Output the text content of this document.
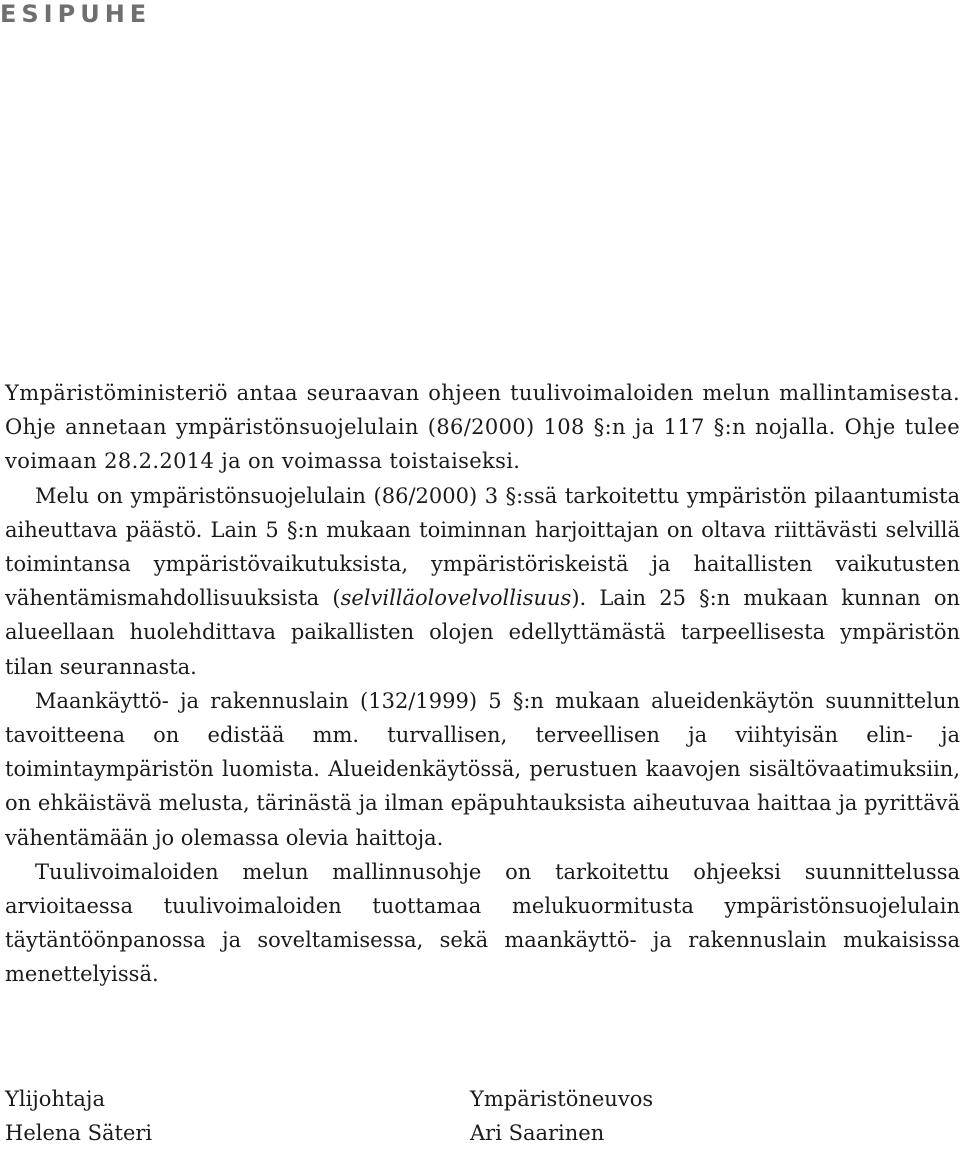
ESIPUHE

Ympäristöministeriö antaa seuraavan ohjeen tuulivoimaloiden melun mallintamisesta. Ohje annetaan ympäristönsuojelulain (86/2000) 108 §:n ja 117 §:n nojalla. Ohje tulee voimaan 28.2.2014 ja on voimassa toistaiseksi.

Melu on ympäristönsuojelulain (86/2000) 3 §:ssä tarkoitettu ympäristön pilaantumista aiheuttava päästö. Lain 5 §:n mukaan toiminnan harjoittajan on oltava riittävästi selvillä toimintansa ympäristövaikutuksista, ympäristöriskeistä ja haitallisten vaikutusten vähentämismahdollisuuksista (selvilläolovelvollisuus). Lain 25 §:n mukaan kunnan on alueellaan huolehdittava paikallisten olojen edellyttämästä tarpeellisesta ympäristön tilan seurannasta.

Maankäyttö- ja rakennuslain (132/1999) 5 §:n mukaan alueidenkäytön suunnittelun tavoitteena on edistää mm. turvallisen, terveellisen ja viihtyisän elin- ja toimintaympäristön luomista. Alueidenkäytössä, perustuen kaavojen sisältövaatimuksiin, on ehkäistävä melusta, tärinästä ja ilman epäpuhtauksista aiheutuvaa haittaa ja pyrittävä vähentämään jo olemassa olevia haittoja.

Tuulivoimaloiden melun mallinnusohje on tarkoitettu ohjeeksi suunnittelussa arvioitaessa tuulivoimaloiden tuottamaa melukuormitusta ympäristönsuojelulain täytäntöönpanossa ja soveltamisessa, sekä maankäyttö- ja rakennuslain mukaisissa menettelyissä.

Ylijohtaja
Helena Säteri
Ympäristöneuvos
Ari Saarinen
